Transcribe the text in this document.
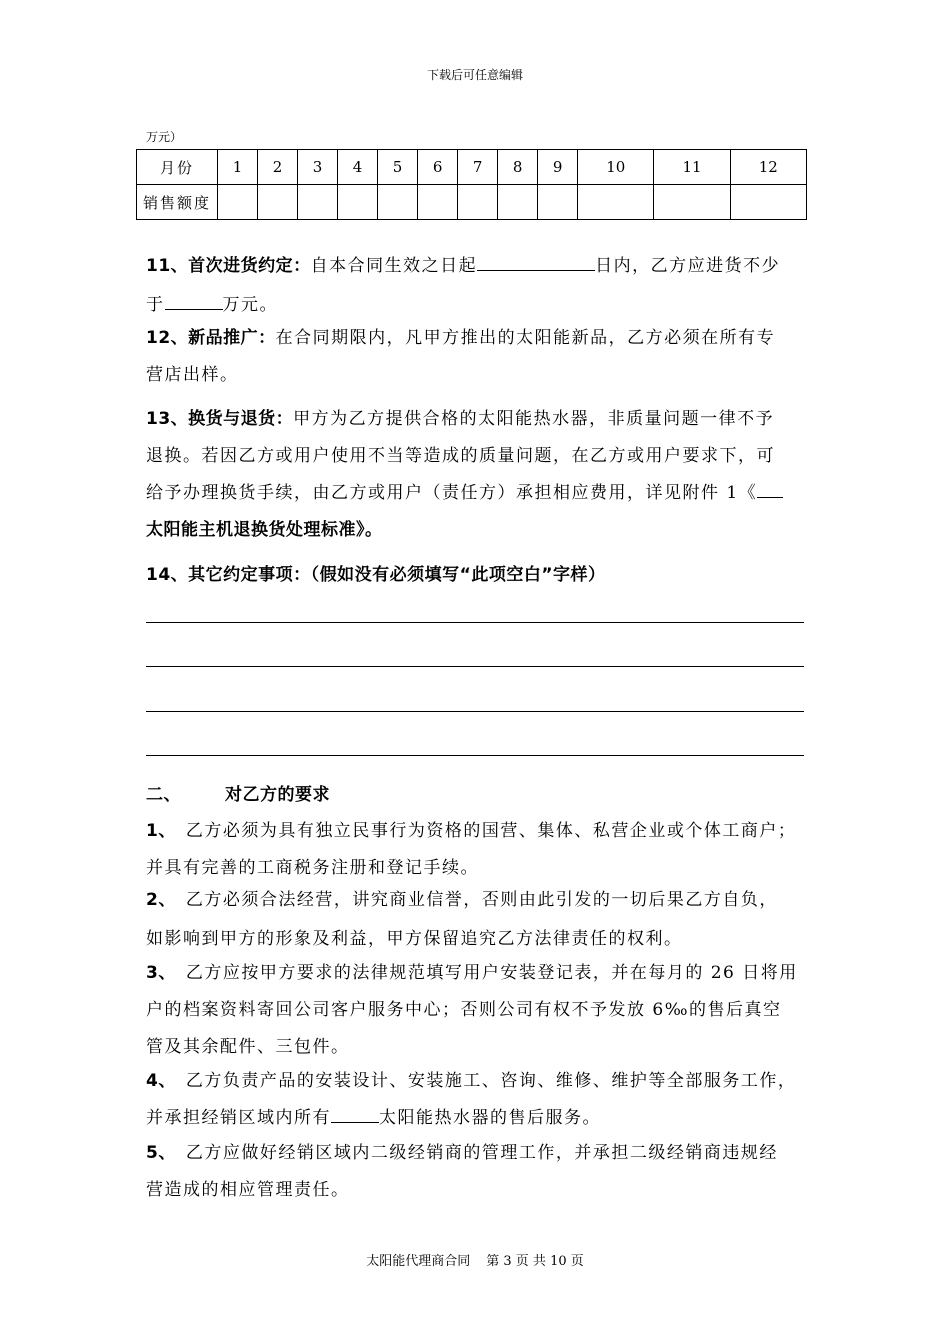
下载后可任意编辑
万元）
月份	1	2	3	4	5	6	7	8	9	10	11	12
销售额度												
11、首次进货约定：自本合同生效之日起	日内，乙方应进货不少
于	万元。
12、新品推广：在合同期限内，凡甲方推出的太阳能新品，乙方必须在所有专
营店出样。
13、换货与退货：甲方为乙方提供合格的太阳能热水器，非质量问题一律不予
退换。若因乙方或用户使用不当等造成的质量问题，在乙方或用户要求下，可
给予办理换货手续，由乙方或用户（责任方）承担相应费用，详见附件 1《
太阳能主机退换货处理标准》。
14、其它约定事项：（假如没有必须填写“此项空白”字样）
二、	对乙方的要求
1、 乙方必须为具有独立民事行为资格的国营、集体、私营企业或个体工商户；
并具有完善的工商税务注册和登记手续。
2、 乙方必须合法经营，讲究商业信誉，否则由此引发的一切后果乙方自负，
如影响到甲方的形象及利益，甲方保留追究乙方法律责任的权利。
3、 乙方应按甲方要求的法律规范填写用户安装登记表，并在每月的 26 日将用
户的档案资料寄回公司客户服务中心；否则公司有权不予发放 6‰的售后真空
管及其余配件、三包件。
4、 乙方负责产品的安装设计、安装施工、咨询、维修、维护等全部服务工作，
并承担经销区域内所有	太阳能热水器的售后服务。
5、 乙方应做好经销区域内二级经销商的管理工作，并承担二级经销商违规经
营造成的相应管理责任。
太阳能代理商合同 第 3 页 共 10 页
